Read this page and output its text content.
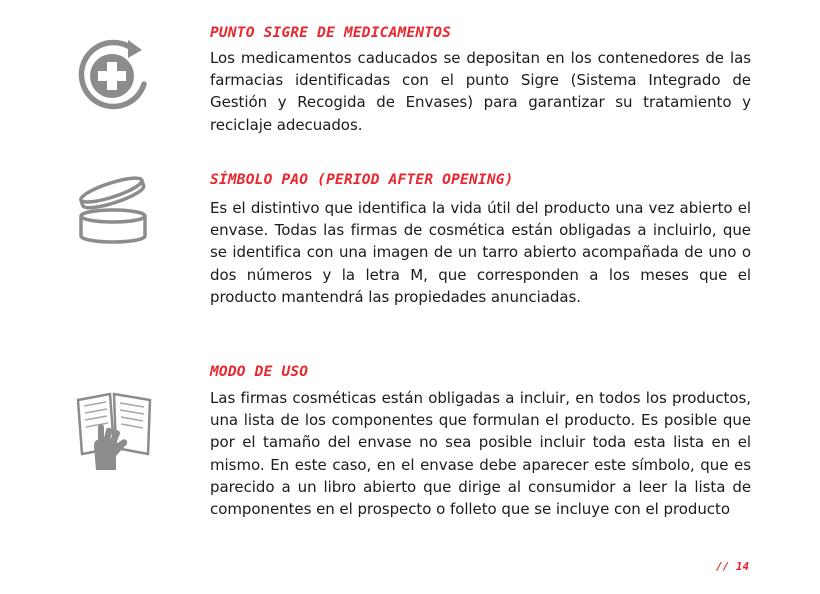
PUNTO SIGRE DE MEDICAMENTOS

Los medicamentos caducados se depositan en los contenedores de las farmacias identificadas con el punto Sigre (Sistema Integrado de Gestión y Recogida de Envases) para garantizar su tratamiento y reciclaje adecuados.

SÍMBOLO PAO (PERIOD AFTER OPENING)

Es el distintivo que identifica la vida útil del producto una vez abierto el envase. Todas las firmas de cosmética están obligadas a incluirlo, que se identifica con una imagen de un tarro abierto acompañada de uno o dos números y la letra M, que corresponden a los meses que el producto mantendrá las propiedades anunciadas.

MODO DE USO

Las firmas cosméticas están obligadas a incluir, en todos los productos, una lista de los componentes que formulan el producto. Es posible que por el tamaño del envase no sea posible incluir toda esta lista en el mismo. En este caso, en el envase debe aparecer este símbolo, que es parecido a un libro abierto que dirige al consumidor a leer la lista de componentes en el prospecto o folleto que se incluye con el producto

// 14
